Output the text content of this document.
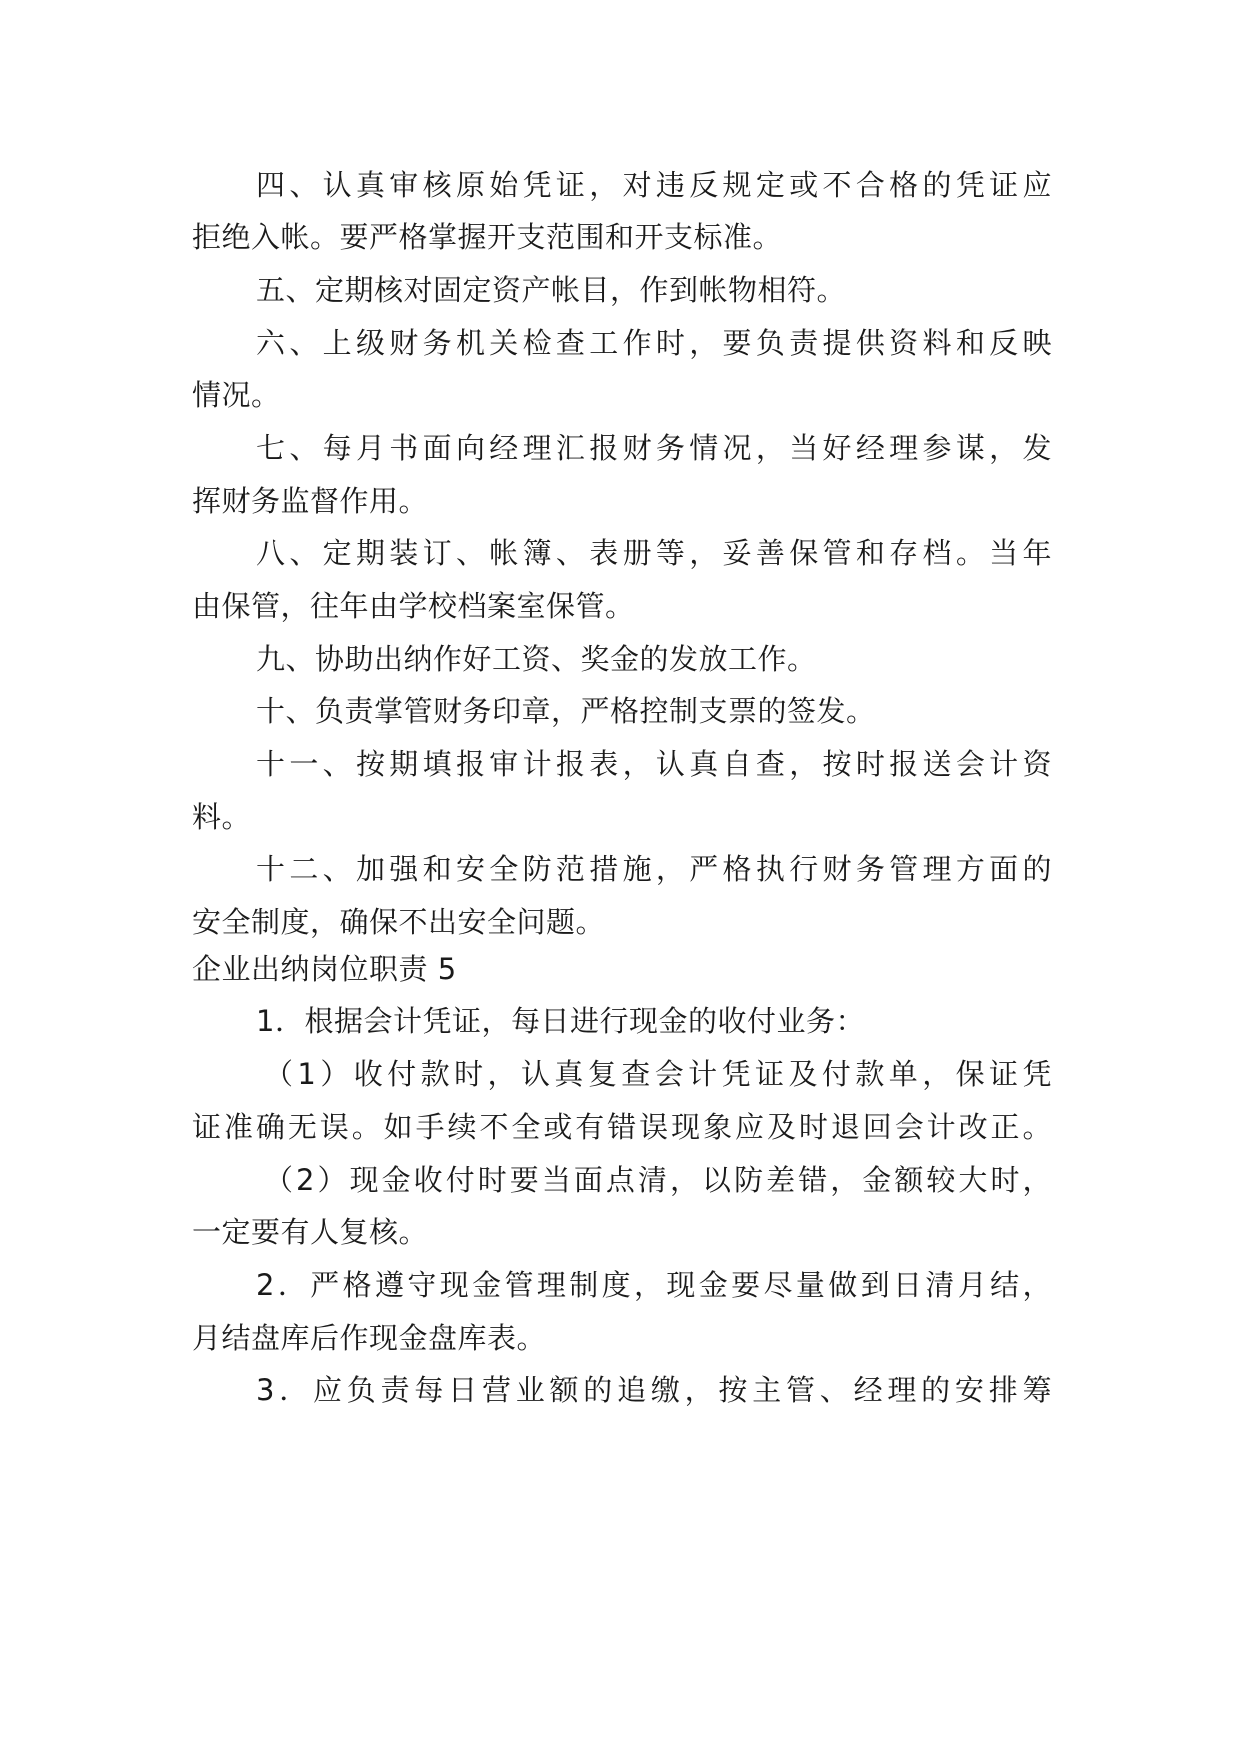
四、认真审核原始凭证，对违反规定或不合格的凭证应
拒绝入帐。要严格掌握开支范围和开支标准。
五、定期核对固定资产帐目，作到帐物相符。
六、上级财务机关检查工作时，要负责提供资料和反映
情况。
七、每月书面向经理汇报财务情况，当好经理参谋，发
挥财务监督作用。
八、定期装订、帐簿、表册等，妥善保管和存档。当年
由保管，往年由学校档案室保管。
九、协助出纳作好工资、奖金的发放工作。
十、负责掌管财务印章，严格控制支票的签发。
十一、按期填报审计报表，认真自查，按时报送会计资
料。
十二、加强和安全防范措施，严格执行财务管理方面的
安全制度，确保不出安全问题。
企业出纳岗位职责 5
1．根据会计凭证，每日进行现金的收付业务：
（1）收付款时，认真复查会计凭证及付款单，保证凭
证准确无误。如手续不全或有错误现象应及时退回会计改正。
（2）现金收付时要当面点清，以防差错，金额较大时，
一定要有人复核。
2．严格遵守现金管理制度，现金要尽量做到日清月结，
月结盘库后作现金盘库表。
3．应负责每日营业额的追缴，按主管、经理的安排筹
